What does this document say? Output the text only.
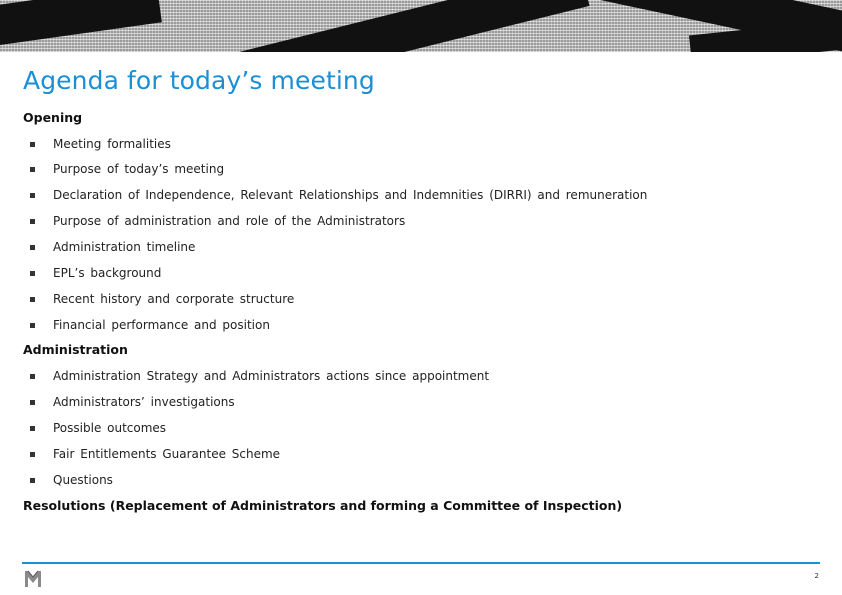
Agenda for today’s meeting
Opening
Meeting formalities
Purpose of today’s meeting
Declaration of Independence, Relevant Relationships and Indemnities (DIRRI) and remuneration
Purpose of administration and role of the Administrators
Administration timeline
EPL’s background
Recent history and corporate structure
Financial performance and position
Administration
Administration Strategy and Administrators actions since appointment
Administrators’ investigations
Possible outcomes
Fair Entitlements Guarantee Scheme
Questions
Resolutions (Replacement of Administrators and forming a Committee of Inspection)
2
